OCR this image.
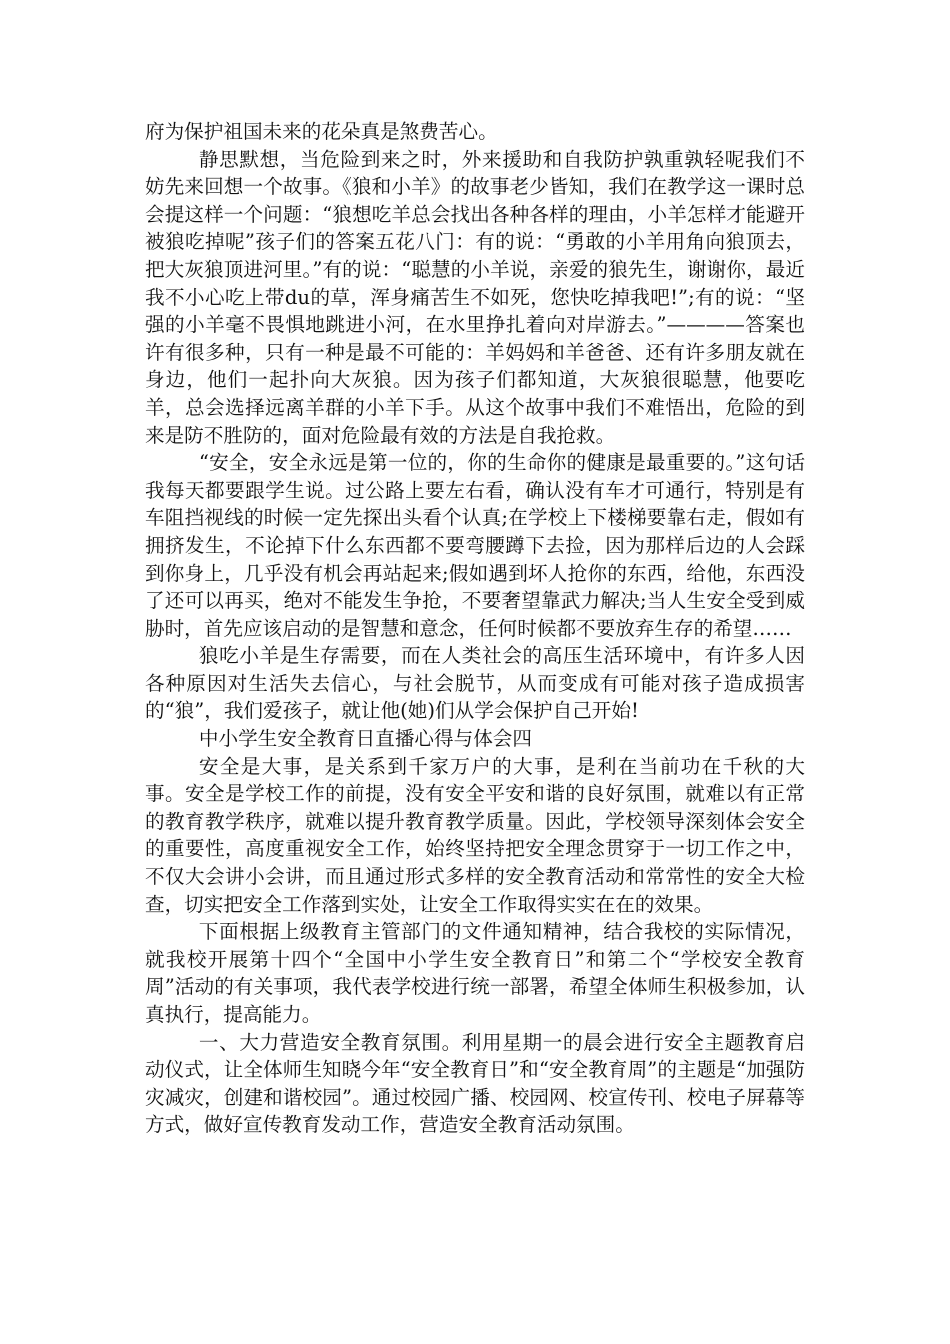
府为保护祖国未来的花朵真是煞费苦心。

静思默想，当危险到来之时，外来援助和自我防护孰重孰轻呢我们不妨先来回想一个故事。《狼和小羊》的故事老少皆知，我们在教学这一课时总会提这样一个问题：“狼想吃羊总会找出各种各样的理由，小羊怎样才能避开被狼吃掉呢”孩子们的答案五花八门：有的说：“勇敢的小羊用角向狼顶去，把大灰狼顶进河里。”有的说：“聪慧的小羊说，亲爱的狼先生，谢谢你，最近我不小心吃上带du的草，浑身痛苦生不如死，您快吃掉我吧!”;有的说：“坚强的小羊毫不畏惧地跳进小河，在水里挣扎着向对岸游去。”————答案也许有很多种，只有一种是最不可能的：羊妈妈和羊爸爸、还有许多朋友就在身边，他们一起扑向大灰狼。因为孩子们都知道，大灰狼很聪慧，他要吃羊，总会选择远离羊群的小羊下手。从这个故事中我们不难悟出，危险的到来是防不胜防的，面对危险最有效的方法是自我抢救。

“安全，安全永远是第一位的，你的生命你的健康是最重要的。”这句话我每天都要跟学生说。过公路上要左右看，确认没有车才可通行，特别是有车阻挡视线的时候一定先探出头看个认真;在学校上下楼梯要靠右走，假如有拥挤发生，不论掉下什么东西都不要弯腰蹲下去捡，因为那样后边的人会踩到你身上，几乎没有机会再站起来;假如遇到坏人抢你的东西，给他，东西没了还可以再买，绝对不能发生争抢，不要奢望靠武力解决;当人生安全受到威胁时，首先应该启动的是智慧和意念，任何时候都不要放弃生存的希望……

狼吃小羊是生存需要，而在人类社会的高压生活环境中，有许多人因各种原因对生活失去信心，与社会脱节，从而变成有可能对孩子造成损害的“狼”，我们爱孩子，就让他(她)们从学会保护自己开始!

中小学生安全教育日直播心得与体会四

安全是大事，是关系到千家万户的大事，是利在当前功在千秋的大事。安全是学校工作的前提，没有安全平安和谐的良好氛围，就难以有正常的教育教学秩序，就难以提升教育教学质量。因此，学校领导深刻体会安全的重要性，高度重视安全工作，始终坚持把安全理念贯穿于一切工作之中，不仅大会讲小会讲，而且通过形式多样的安全教育活动和常常性的安全大检查，切实把安全工作落到实处，让安全工作取得实实在在的效果。

下面根据上级教育主管部门的文件通知精神，结合我校的实际情况，就我校开展第十四个“全国中小学生安全教育日”和第二个“学校安全教育周”活动的有关事项，我代表学校进行统一部署，希望全体师生积极参加，认真执行，提高能力。

一、大力营造安全教育氛围。利用星期一的晨会进行安全主题教育启动仪式，让全体师生知晓今年“安全教育日”和“安全教育周”的主题是“加强防灾减灾，创建和谐校园”。通过校园广播、校园网、校宣传刊、校电子屏幕等方式，做好宣传教育发动工作，营造安全教育活动氛围。
